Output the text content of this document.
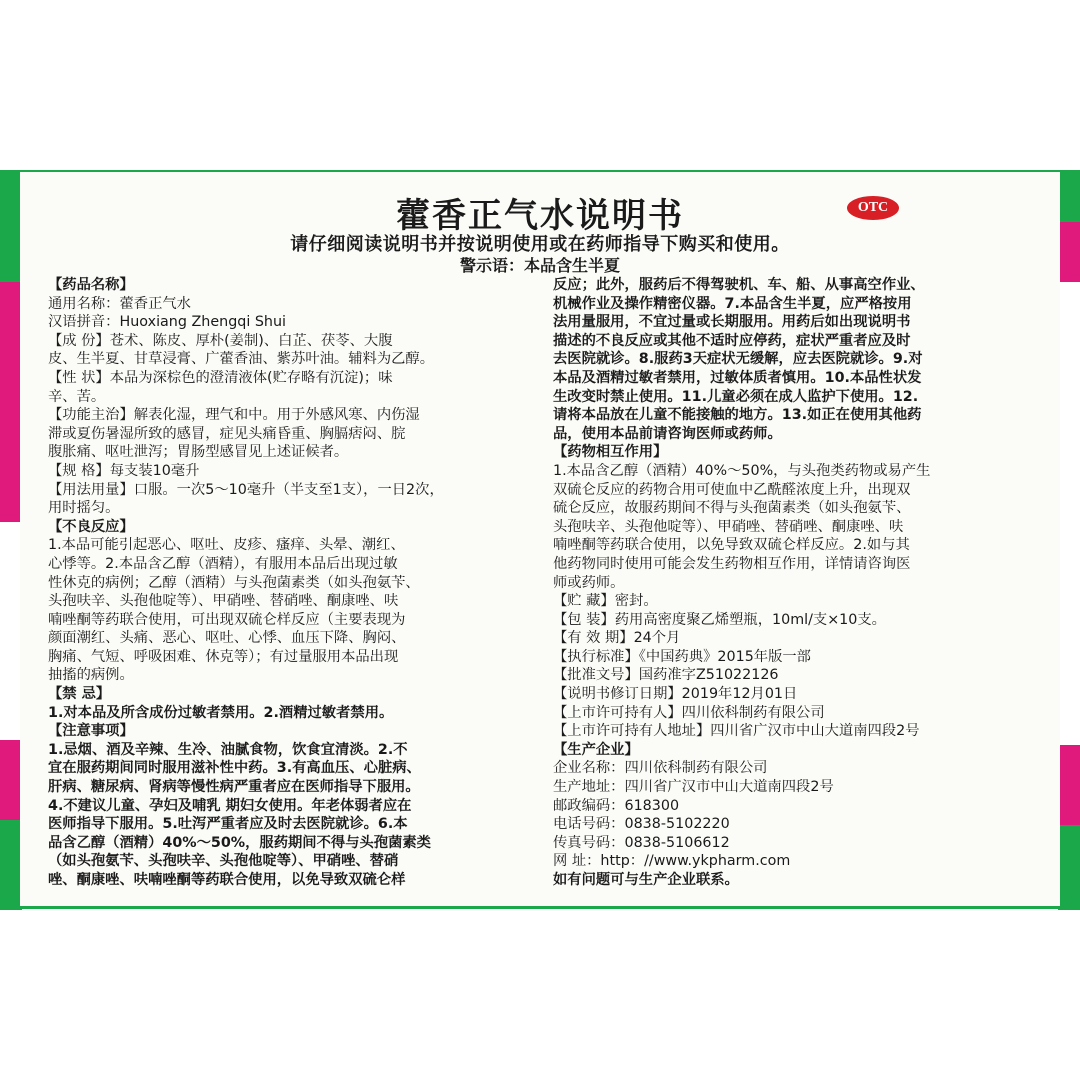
藿香正气水说明书	OTC
请仔细阅读说明书并按说明使用或在药师指导下购买和使用。
警示语：本品含生半夏
【药品名称】
通用名称：藿香正气水
汉语拼音：Huoxiang Zhengqi Shui
【成 份】苍术、陈皮、厚朴(姜制)、白芷、茯苓、大腹
皮、生半夏、甘草浸膏、广藿香油、紫苏叶油。辅料为乙醇。
【性 状】本品为深棕色的澄清液体(贮存略有沉淀)；味
辛、苦。
【功能主治】解表化湿，理气和中。用于外感风寒、内伤湿
滞或夏伤暑湿所致的感冒，症见头痛昏重、胸膈痞闷、脘
腹胀痛、呕吐泄泻；胃肠型感冒见上述证候者。
【规 格】每支装10毫升
【用法用量】口服。一次5～10毫升（半支至1支），一日2次，
用时摇匀。
【不良反应】
1.本品可能引起恶心、呕吐、皮疹、瘙痒、头晕、潮红、
心悸等。2.本品含乙醇（酒精），有服用本品后出现过敏
性休克的病例；乙醇（酒精）与头孢菌素类（如头孢氨苄、
头孢呋辛、头孢他啶等）、甲硝唑、替硝唑、酮康唑、呋
喃唑酮等药联合使用，可出现双硫仑样反应（主要表现为
颜面潮红、头痛、恶心、呕吐、心悸、血压下降、胸闷、
胸痛、气短、呼吸困难、休克等）；有过量服用本品出现
抽搐的病例。
【禁 忌】
1.对本品及所含成份过敏者禁用。2.酒精过敏者禁用。
【注意事项】
1.忌烟、酒及辛辣、生冷、油腻食物，饮食宜清淡。2.不
宜在服药期间同时服用滋补性中药。3.有高血压、心脏病、
肝病、糖尿病、肾病等慢性病严重者应在医师指导下服用。
4.不建议儿童、孕妇及哺乳 期妇女使用。年老体弱者应在
医师指导下服用。5.吐泻严重者应及时去医院就诊。6.本
品含乙醇（酒精）40%～50%，服药期间不得与头孢菌素类
（如头孢氨苄、头孢呋辛、头孢他啶等）、甲硝唑、替硝
唑、酮康唑、呋喃唑酮等药联合使用，以免导致双硫仑样
反应；此外，服药后不得驾驶机、车、船、从事高空作业、
机械作业及操作精密仪器。7.本品含生半夏，应严格按用
法用量服用，不宜过量或长期服用。用药后如出现说明书
描述的不良反应或其他不适时应停药，症状严重者应及时
去医院就诊。8.服药3天症状无缓解，应去医院就诊。9.对
本品及酒精过敏者禁用，过敏体质者慎用。10.本品性状发
生改变时禁止使用。11.儿童必须在成人监护下使用。12.
请将本品放在儿童不能接触的地方。13.如正在使用其他药
品，使用本品前请咨询医师或药师。
【药物相互作用】
1.本品含乙醇（酒精）40%～50%，与头孢类药物或易产生
双硫仑反应的药物合用可使血中乙酰醛浓度上升，出现双
硫仑反应，故服药期间不得与头孢菌素类（如头孢氨苄、
头孢呋辛、头孢他啶等）、甲硝唑、替硝唑、酮康唑、呋
喃唑酮等药联合使用，以免导致双硫仑样反应。2.如与其
他药物同时使用可能会发生药物相互作用，详情请咨询医
师或药师。
【贮 藏】密封。
【包 装】药用高密度聚乙烯塑瓶，10ml/支×10支。
【有 效 期】24个月
【执行标准】《中国药典》2015年版一部
【批准文号】国药准字Z51022126
【说明书修订日期】2019年12月01日
【上市许可持有人】四川依科制药有限公司
【上市许可持有人地址】四川省广汉市中山大道南四段2号
【生产企业】
企业名称：四川依科制药有限公司
生产地址：四川省广汉市中山大道南四段2号
邮政编码：618300
电话号码：0838-5102220
传真号码：0838-5106612
网 址：http：//www.ykpharm.com
如有问题可与生产企业联系。
